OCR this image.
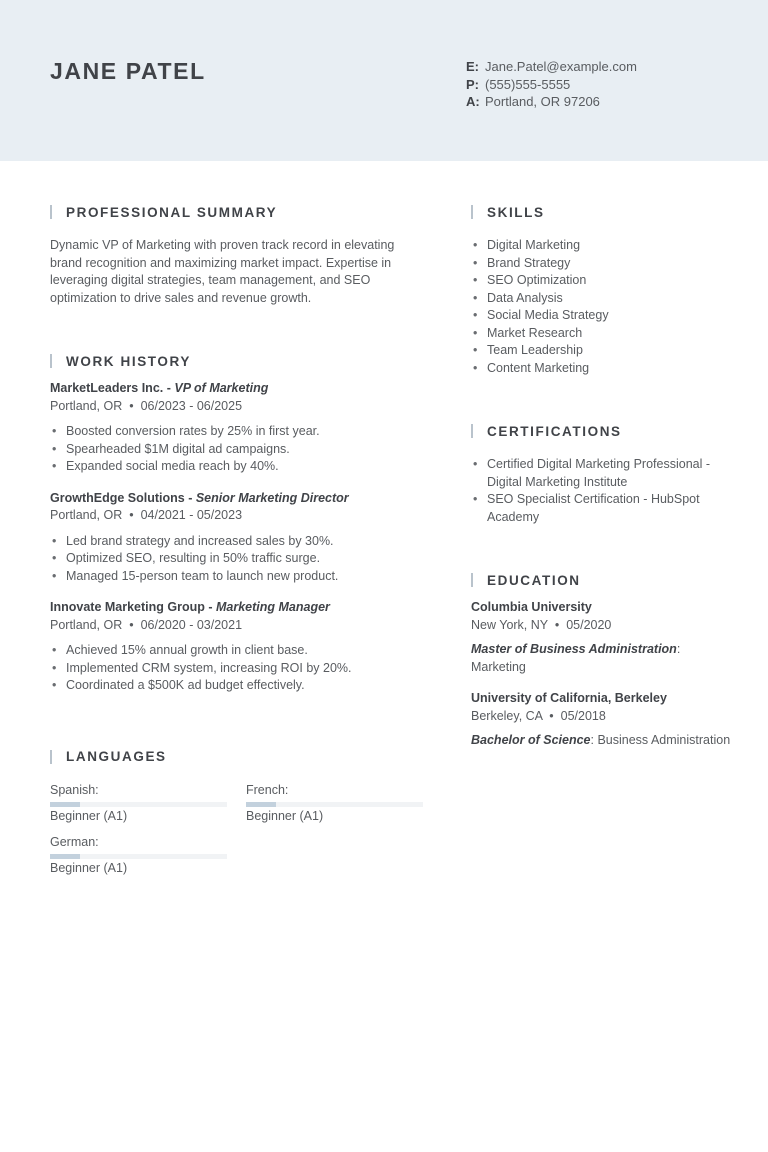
JANE PATEL	E: Jane.Patel@example.com
P: (555)555-5555
A: Portland, OR 97206
PROFESSIONAL SUMMARY

Dynamic VP of Marketing with proven track record in elevating brand recognition and maximizing market impact. Expertise in leveraging digital strategies, team management, and SEO optimization to drive sales and revenue growth.

WORK HISTORY
MarketLeaders Inc. - VP of Marketing
Portland, OR  •  06/2023 - 06/2025
• Boosted conversion rates by 25% in first year.
• Spearheaded $1M digital ad campaigns.
• Expanded social media reach by 40%.
GrowthEdge Solutions - Senior Marketing Director
Portland, OR  •  04/2021 - 05/2023
• Led brand strategy and increased sales by 30%.
• Optimized SEO, resulting in 50% traffic surge.
• Managed 15-person team to launch new product.
Innovate Marketing Group - Marketing Manager
Portland, OR  •  06/2020 - 03/2021
• Achieved 15% annual growth in client base.
• Implemented CRM system, increasing ROI by 20%.
• Coordinated a $500K ad budget effectively.
LANGUAGES
Spanish:
Beginner (A1)
French:
Beginner (A1)
German:
Beginner (A1)
SKILLS
• Digital Marketing
• Brand Strategy
• SEO Optimization
• Data Analysis
• Social Media Strategy
• Market Research
• Team Leadership
• Content Marketing
CERTIFICATIONS
• Certified Digital Marketing Professional - Digital Marketing Institute
• SEO Specialist Certification - HubSpot Academy
EDUCATION
Columbia University
New York, NY  •  05/2020
Master of Business Administration: Marketing
University of California, Berkeley
Berkeley, CA  •  05/2018
Bachelor of Science: Business Administration
